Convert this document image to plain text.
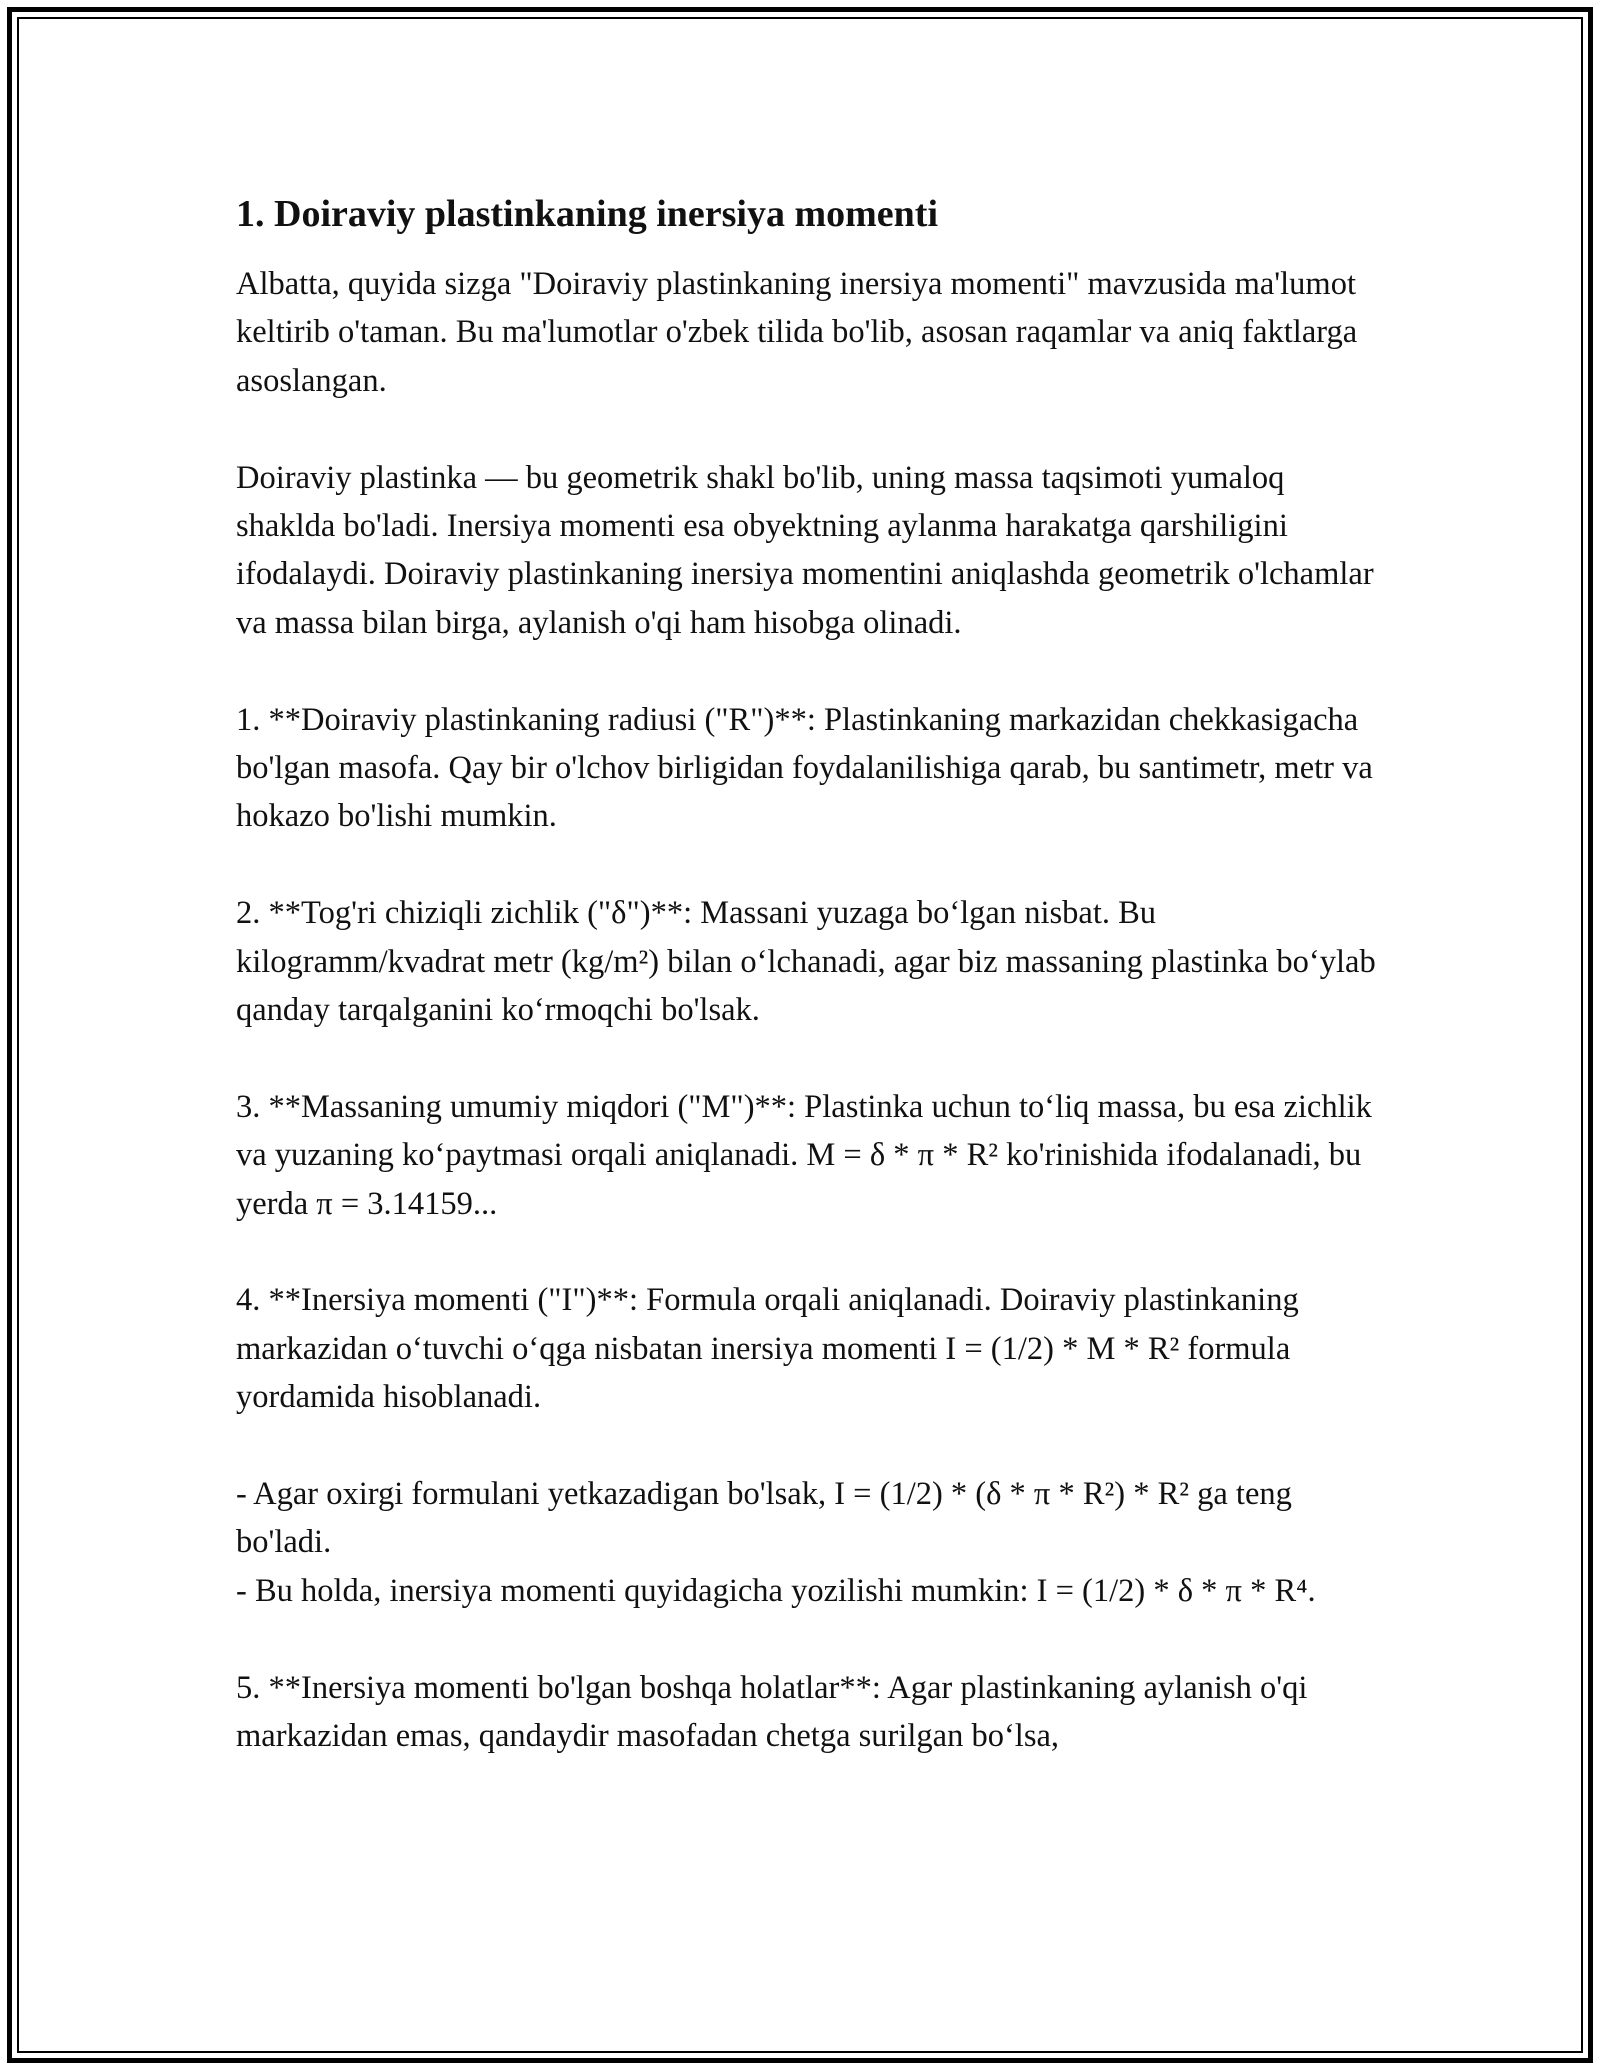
1. Doiraviy plastinkaning inersiya momenti

Albatta, quyida sizga "Doiraviy plastinkaning inersiya momenti" mavzusida ma'lumot keltirib o'taman. Bu ma'lumotlar o'zbek tilida bo'lib, asosan raqamlar va aniq faktlarga asoslangan.

Doiraviy plastinka — bu geometrik shakl bo'lib, uning massa taqsimoti yumaloq shaklda bo'ladi. Inersiya momenti esa obyektning aylanma harakatga qarshiligini ifodalaydi. Doiraviy plastinkaning inersiya momentini aniqlashda geometrik o'lchamlar va massa bilan birga, aylanish o'qi ham hisobga olinadi.

1. **Doiraviy plastinkaning radiusi ("R")**: Plastinkaning markazidan chekkasigacha bo'lgan masofa. Qay bir o'lchov birligidan foydalanilishiga qarab, bu santimetr, metr va hokazo bo'lishi mumkin.

2. **Tog'ri chiziqli zichlik ("δ")**: Massani yuzaga bo‘lgan nisbat. Bu kilogramm/kvadrat metr (kg/m²) bilan o‘lchanadi, agar biz massaning plastinka bo‘ylab qanday tarqalganini ko‘rmoqchi bo'lsak.

3. **Massaning umumiy miqdori ("M")**: Plastinka uchun to‘liq massa, bu esa zichlik va yuzaning ko‘paytmasi orqali aniqlanadi. M = δ * π * R² ko'rinishida ifodalanadi, bu yerda π = 3.14159...

4. **Inersiya momenti ("I")**: Formula orqali aniqlanadi. Doiraviy plastinkaning markazidan o‘tuvchi o‘qga nisbatan inersiya momenti I = (1/2) * M * R² formula yordamida hisoblanadi.

- Agar oxirgi formulani yetkazadigan bo'lsak, I = (1/2) * (δ * π * R²) * R² ga teng bo'ladi.
- Bu holda, inersiya momenti quyidagicha yozilishi mumkin: I = (1/2) * δ * π * R⁴.

5. **Inersiya momenti bo'lgan boshqa holatlar**: Agar plastinkaning aylanish o'qi markazidan emas, qandaydir masofadan chetga surilgan bo‘lsa,
